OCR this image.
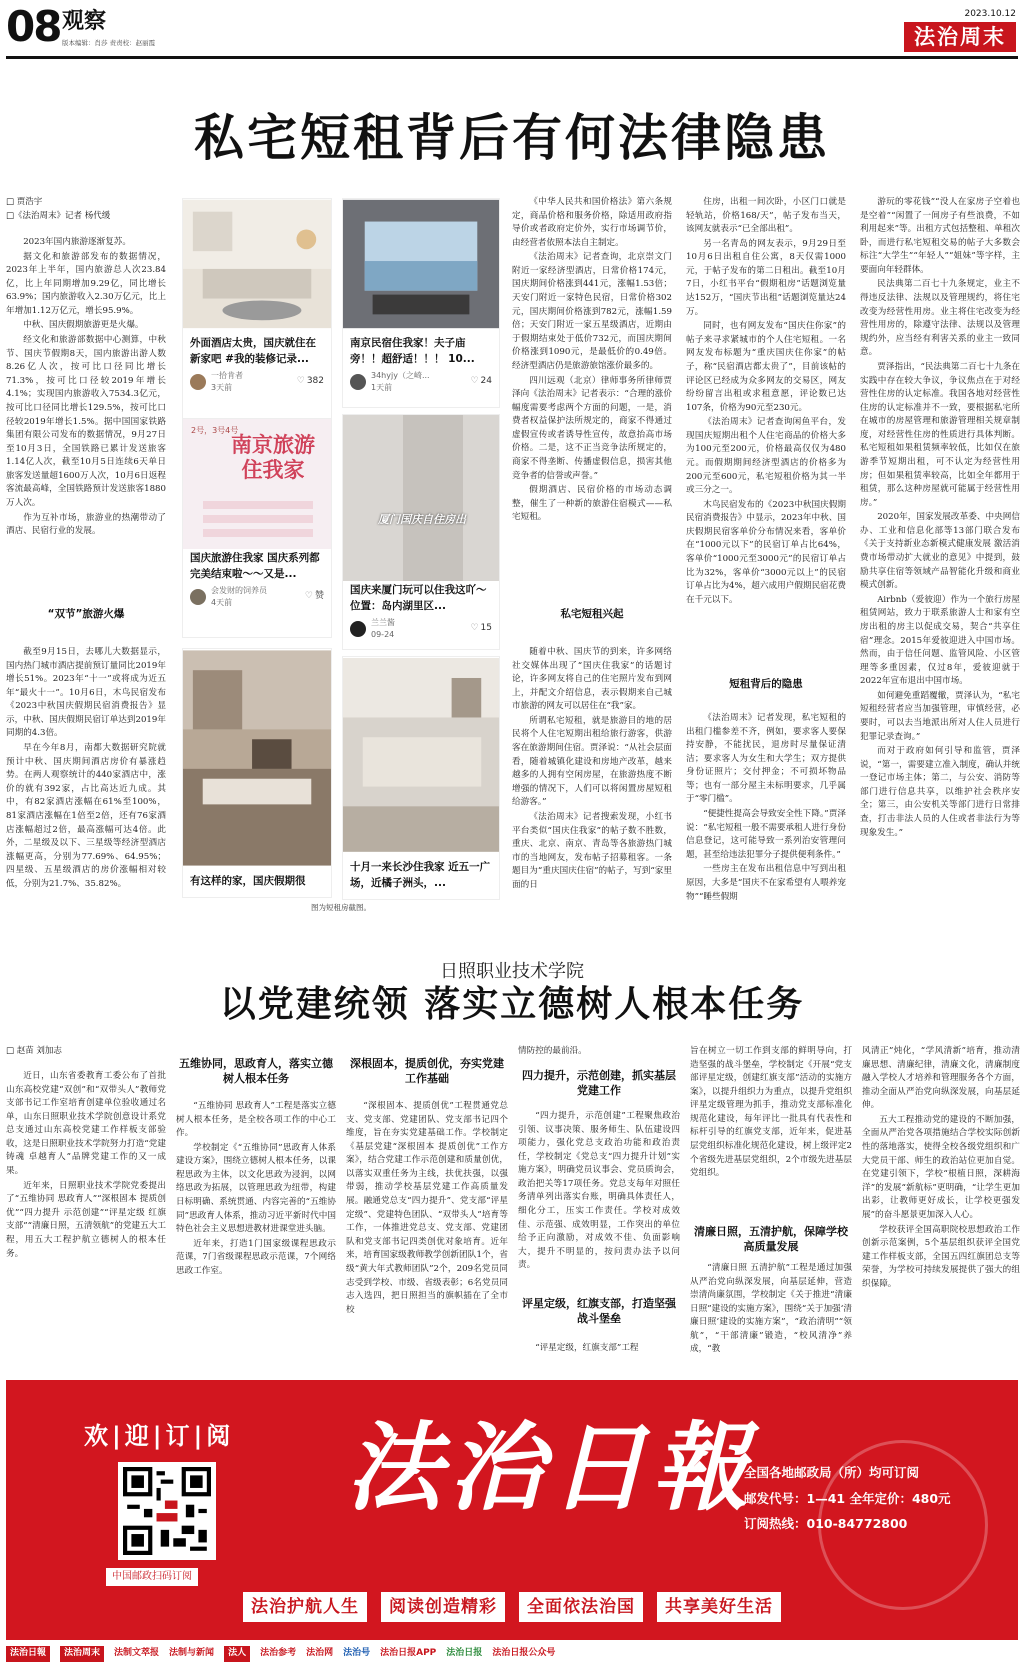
08 观察
版本编辑：肖莎 责责校：赵丽霞
2023.10.12
法治周末
私宅短租背后有何法律隐患
□ 贾浩宇
□《法治周末》记者 杨代缓

2023年国内旅游逐渐复苏。

据文化和旅游部发布的数据情况，2023年上半年，国内旅游总人次23.84亿，比上年同期增加9.29亿，同比增长63.9%；国内旅游收入2.30万亿元，比上年增加1.12万亿元，增长95.9%。

中秋、国庆假期旅游更是火爆。

经文化和旅游部数据中心测算，中秋节、国庆节假期8天，国内旅游出游人数8.26亿人次，按可比口径同比增长71.3%，按可比口径较2019年增长4.1%；实现国内旅游收入7534.3亿元，按可比口径同比增长129.5%，按可比口径较2019年增长1.5%。据中国国家铁路集团有限公司发布的数据情况，9月27日至10月3日，全国铁路已累计发送旅客1.14亿人次，截至10月5日连续6天单日旅客发送量超1600万人次，10月6日返程客流最高峰，全国铁路预计发送旅客1880万人次。

作为互补市场，旅游业的热潮带动了酒店、民宿行业的发展。

“双节”旅游火爆

截至9月15日，去哪儿大数据显示，国内热门城市酒店提前预订量同比2019年增长51%。2023年“十一”或将成为近五年“最火十一”。10月6日，木鸟民宿发布《2023中秋国庆假期民宿消费报告》显示，中秋、国庆假期民宿订单达到2019年同期的4.3倍。

早在今年8月，南都大数据研究院就预计中秋、国庆期间酒店房价有暴涨趋势。在两人观察统计的440家酒店中，涨价的就有392家，占比高达近九成。其中，有82家酒店涨幅在61%至100%，81家酒店涨幅在1倍至2倍，还有76家酒店涨幅超过2倍，最高涨幅可达4倍。此外，二星级及以下、三星级等经济型酒店涨幅更高，分别为77.69%、64.95%；四星级、五星级酒店的房价涨幅相对较低，分别为21.7%、35.82%。

外面酒店太贵，国庆就住在新家吧 #我的装修记录...
一拾肯者
3天前
♡ 382
南京民宿住我家！夫子庙旁！！超舒适！！！ 10...
34hyjy（之崎...
1天前
♡ 24
2号，3号4号
南京旅游住我家
国庆旅游住我家 国庆系列都完美结束啦～～又是...
会发财的饲养员
4天前
♡ 赞
厦门国庆自住房出
国庆来厦门玩可以住我这吖～ 位置：岛内湖里区...
兰兰酱
09-24
♡ 15
有这样的家，国庆假期很
十月一来长沙住我家 近五一广场，近橘子洲头，...
图为短租房截图。

《中华人民共和国价格法》第六条规定，商品价格和服务价格，除适用政府指导价或者政府定价外，实行市场调节价，由经营者依照本法自主制定。

《法治周末》记者查询，北京崇文门附近一家经济型酒店，日常价格174元，国庆期间价格涨到441元，涨幅1.53倍；天安门附近一家特色民宿，日常价格302元，国庆期间价格涨到782元，涨幅1.59倍；天安门附近一家五星级酒店，近期由于假期结束处于低价732元，而国庆期间价格涨到1090元，是最低价的0.49倍。经济型酒店仍是旅游旅馆涨价最多的。

四川远观（北京）律师事务所律师贾泽向《法治周末》记者表示：“合理的涨价幅度需要考虑两个方面的问题，一是，消费者权益保护法所规定的，商家不得通过虚假宣传或者诱导性宣传，故意抬高市场价格。二是，这不正当竞争法所规定的，商家不得垄断、传播虚假信息，损害其他竞争者的信誉或声誉。”

假期酒店、民宿价格的市场动态调整，催生了一种新的旅游住宿模式——私宅短租。

私宅短租兴起

随着中秋、国庆节的到来，许多网络社交媒体出现了“国庆住我家”的话题讨论，许多网友将自己的住宅照片发布到网上，并配文介绍信息，表示假期来自己城市旅游的网友可以居住在“我”家。

所谓私宅短租，就是旅游目的地的居民将个人住宅短期出租给旅行游客，供游客在旅游期间住宿。贾泽说：“从社会层面看，随着城镇化建设和房地产改革，越来越多的人拥有空闲房屋，在旅游热度不断增强的情况下，人们可以将闲置房屋短租给游客。”

《法治周末》记者搜索发现，小红书平台类似“国庆住我家”的帖子数不胜数，重庆、北京、南京、青岛等各旅游热门城市的当地网友，发布帖子招募租客。一条题目为“重庆国庆住宿”的帖子，写到“家里面的日

住房，出租一间次卧，小区门口就是轻轨站，价格168/天”，帖子发布当天，该网友就表示“已全部出租”。

另一名青岛的网友表示，9月29日至10月6日出租自住公寓，8天仅需1000元，于帖子发布的第二日租出。截至10月7日，小红书平台“假期租房”话题浏览量达152万，“国庆节出租”话题浏览量达24万。

同时，也有网友发布“国庆住你家”的帖子来寻求紧城市的个人住宅短租。一名网友发布标题为“重庆国庆住你家”的帖子，称“民宿酒店都太贵了”，目前该帖的评论区已经成为众多网友的交易区，网友纷纷留言出租或求租意愿，评论数已达107条，价格为90元至230元。

《法治周末》记者查询闲鱼平台，发现国庆短期出租个人住宅商品的价格大多为100元至200元，价格最高仅仅为480元。而假期期间经济型酒店的价格多为200元至600元，私宅短租价格为其一半或三分之一。

木鸟民宿发布的《2023中秋国庆假期民宿消费报告》中显示，2023年中秋、国庆假期民宿客单价分布情况来看，客单价在“1000元以下”的民宿订单占比64%，客单价“1000元至3000元”的民宿订单占比为32%，客单价“3000元以上”的民宿订单占比为4%，超六成用户假期民宿花费在千元以下。

短租背后的隐患

《法治周末》记者发现，私宅短租的出租门槛参差不齐，例如，要求客人要保持安静，不能扰民，退房时尽量保证清洁；要求客人为女生和大学生；双方提供身份证照片；交付押金；不可损坏物品等；也有一部分屋主未标明要求，几乎属于“零门槛”。

“便捷性提高会导致安全性下降。”贾泽说：“私宅短租一般不需要承租人进行身份信息登记，这可能导致一系列治安管理问题，甚至给违法犯罪分子提供便利条件。”

一些房主在发布出租信息中写到出租原因，大多是“国庆不在家希望有人喂养宠物”“睡些假期

游玩的零花钱”“没人在家房子空着也是空着”“闲置了一间房子有些浪费，不如利用起来”等。出租方式包括整租、单租次卧，而进行私宅短租交易的帖子大多数会标注“大学生”“年轻人”“姐妹”等字样，主要面向年轻群体。

民法典第二百七十九条规定，业主不得违反法律、法规以及管理规约，将住宅改变为经营性用房。业主将住宅改变为经营性用房的，除遵守法律、法规以及管理规约外，应当经有利害关系的业主一致同意。

贾泽指出，“民法典第二百七十九条在实践中存在较大争议，争议焦点在于对经营性住房的认定标准。我国各地对经营性住房的认定标准并不一致，要根据私宅所在城市的房屋管理和旅游管理相关规章制度，对经营性住房的性质进行具体判断。私宅短租如果租赁频率较低，比如仅在旅游季节短期出租，可不认定为经营性用房；但如果租赁率较高，比如全年都用于租赁，那么这种房屋就可能属于经营性用房。”

2020年，国家发展改革委、中央网信办、工业和信息化部等13部门联合发布《关于支持新业态新模式健康发展 激活消费市场带动扩大就业的意见》中提到，鼓励共享住宿等领域产品智能化升级和商业模式创新。

Airbnb（爱彼迎）作为一个旅行房屋租赁网站，致力于联系旅游人士和家有空房出租的房主以促成交易，契合“共享住宿”理念。2015年爱彼迎进入中国市场。然而，由于信任问题、监管风险、小区管理等多重因素，仅过8年，爱彼迎就于2022年宣布退出中国市场。

如何避免重蹈覆辙，贾泽认为，“私宅短租经营者应当加强管理，审慎经营，必要时，可以去当地派出所对人住人员进行犯罪记录查询。”

而对于政府如何引导和监管，贾泽说，“第一，需要建立准入制度，确认并统一登记市场主体；第二，与公安、消防等部门进行信息共享，以维护社会秩序安全；第三，由公安机关等部门进行日常排查，打击非法人员的人住或者非法行为等现象发生。”

日照职业技术学院
以党建统领 落实立德树人根本任务
□ 赵苗 刘加志

近日，山东省委教育工委公布了首批山东高校党建“双创”和“双带头人”教师党支部书记工作室培育创建单位验收通过名单，山东日照职业技术学院创意设计系党总支通过山东高校党建工作样板支部验收，这是日照职业技术学院努力打造“党建铸魂 卓越育人”品牌党建工作的又一成果。

近年来，日照职业技术学院党委提出了“五维协同 思政育人”“深根固本 提质创优”“四力提升 示范创建”“评星定级 红旗支部”“清廉日照，五清领航”的党建五大工程，用五大工程护航立德树人的根本任务。

五维协同，思政育人，落实立德树人根本任务

“五维协同 思政育人”工程是落实立德树人根本任务，是全校各项工作的中心工作。

学校制定《“五维协同”思政育人体系建设方案》，围绕立德树人根本任务，以课程思政为主体，以文化思政为浸润，以网络思政为拓展，以管理思政为纽带，构建日标明确、系统贯通、内容完善的“五维协同”思政育人体系，推动习近平新时代中国特色社会主义思想进教材进课堂进头脑。

近年来，打造1门国家级课程思政示范课，7门省级课程思政示范课，7个网络思政工作室。

深根固本，提质创优，夯实党建工作基础

“深根固本、提质创优”工程贯通党总支、党支部、党建团队、党支部书记四个维度，旨在夯实党建基础工作。学校制定《基层党建“深根固本 提质创优”工作方案》，结合党建工作示范创建和质量创优，以落实双重任务为主线，扶优扶强，以强带弱，推动学校基层党建工作高质量发展。融通党总支“四力提升”、党支部“评星定级”、党建特色团队、“双带头人”培育等工作，一体推进党总支、党支部、党建团队和党支部书记四类创优对象培育。近年来，培育国家级教师教学创新团队1个，省级“黄大年式教师团队”2个，209名党员同志受到学校、市级、省级表彰；6名党员同志入选四，把日照担当的旗帜插在了全市校

情防控的最前沿。

四力提升，示范创建，抓实基层党建工作

“四力提升，示范创建”工程聚焦政治引领、议事决策、服务师生、队伍建设四项能力，强化党总支政治功能和政治责任，学校制定《党总支“四力提升计划”实施方案》，明确党员议事会、党员质询会，政治把关等17项任务。党总支每年对照任务清单列出落实台账，明确具体责任人，细化分工，压实工作责任。学校对成效佳、示范强、成效明显，工作突出的单位给予正向激励，对成效不佳、负面影响大，提升不明显的，按问责办法予以问责。

评星定级，红旗支部，打造坚强战斗堡垒

“评星定级，红旗支部”工程

旨在树立一切工作到支部的鲜明导向，打造坚强的战斗堡垒，学校制定《开展“党支部评星定级，创建红旗支部”活动的实施方案》，以提升组织力为重点，以提升党组织评星定级管理为抓手，推动党支部标准化规范化建设，每年评比一批具有代表性和标杆引导的红旗党支部，近年来，促进基层党组织标准化规范化建设，树上级评定2个省级先进基层党组织，2个市级先进基层党组织。

清廉日照，五清护航，保障学校高质量发展

“清廉日照 五清护航”工程是通过加强从严治党向纵深发展，向基层延伸，营造崇清尚廉氛围，学校制定《关于推进“清廉日照”建设的实施方案》，围绕“关于加强‘清廉日照’建设的实施方案”，“政治清明”“领航”，“干部清廉”锻造，“校风清净”养成，“教

风清正”炖化，“学风清新”培育，推动清廉思想、清廉纪律，清廉文化，清廉制度融入学校人才培养和管理服务各个方面，推动全面从严治党向纵深发展，向基层延伸。

五大工程推动党的建设的不断加强，全面从严治党各项措施结合学校实际创新性的落地落实，使得全校各级党组织和广大党员干部、师生的政治站位更加自觉。在党建引领下，学校“根植日照，深耕海洋”的发展“新航标”更明确，“让学生更加出彩，让教师更好成长，让学校更强发展”的奋斗愿景更加深入人心。

学校获评全国高职院校思想政治工作创新示范案例，5个基层组织获评全国党建工作样板支部，全国五四红旗团总支等荣誉，为学校可持续发展提供了强大的组织保障。

欢|迎|订|阅
中国邮政扫码订阅
法治日報
全国各地邮政局（所）均可订阅
邮发代号：1—41 全年定价：480元
订阅热线：010-84772800
法治护航人生	阅读创造精彩	全面依法治国	共享美好生活
法治日報	法治周末	法制文萃报 法制与新闻	法人	法治参考 法治网 法治号 法治日报APP 法治日报 法治日报公众号
